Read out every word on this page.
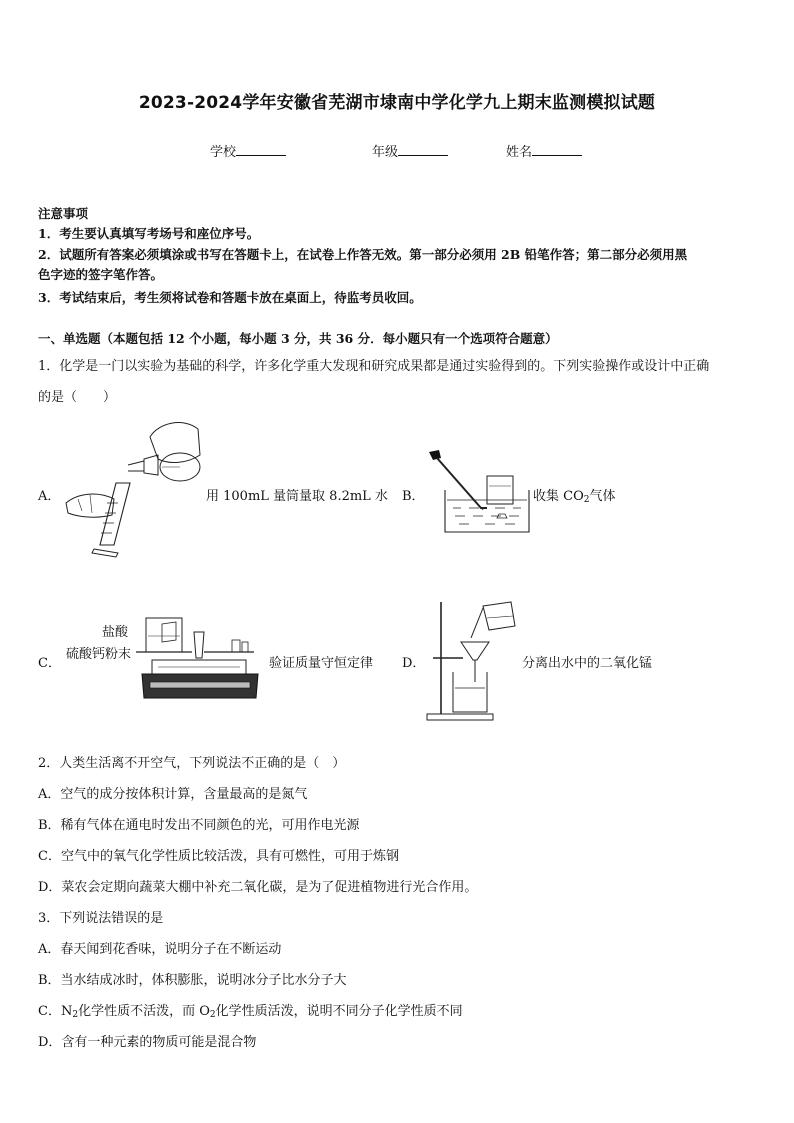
2023-2024学年安徽省芜湖市埭南中学化学九上期末监测模拟试题
学校	年级	姓名
注意事项
1．考生要认真填写考场号和座位序号。
2．试题所有答案必须填涂或书写在答题卡上，在试卷上作答无效。第一部分必须用 2B 铅笔作答；第二部分必须用黑
色字迹的签字笔作答。
3．考试结束后，考生须将试卷和答题卡放在桌面上，待监考员收回。
一、单选题（本题包括 12 个小题，每小题 3 分，共 36 分．每小题只有一个选项符合题意）
1．化学是一门以实验为基础的科学，许多化学重大发现和研究成果都是通过实验得到的。下列实验操作或设计中正确
的是（　　）
A．	用 100mL 量筒量取 8.2mL 水 B．	收集 $CO_2$气体
C．
盐酸
硫酸钙粉末
验证质量守恒定律 D．	分离出水中的二氧化锰
2．人类生活离不开空气，下列说法不正确的是（　）
A．空气的成分按体积计算，含量最高的是氮气
B．稀有气体在通电时发出不同颜色的光，可用作电光源
C．空气中的氧气化学性质比较活泼，具有可燃性，可用于炼钢
D．菜农会定期向蔬菜大棚中补充二氧化碳，是为了促进植物进行光合作用。
3．下列说法错误的是
A．春天闻到花香味，说明分子在不断运动
B．当水结成冰时，体积膨胀，说明冰分子比水分子大
C．$N_2$化学性质不活泼，而 $O_2$化学性质活泼，说明不同分子化学性质不同
D．含有一种元素的物质可能是混合物
